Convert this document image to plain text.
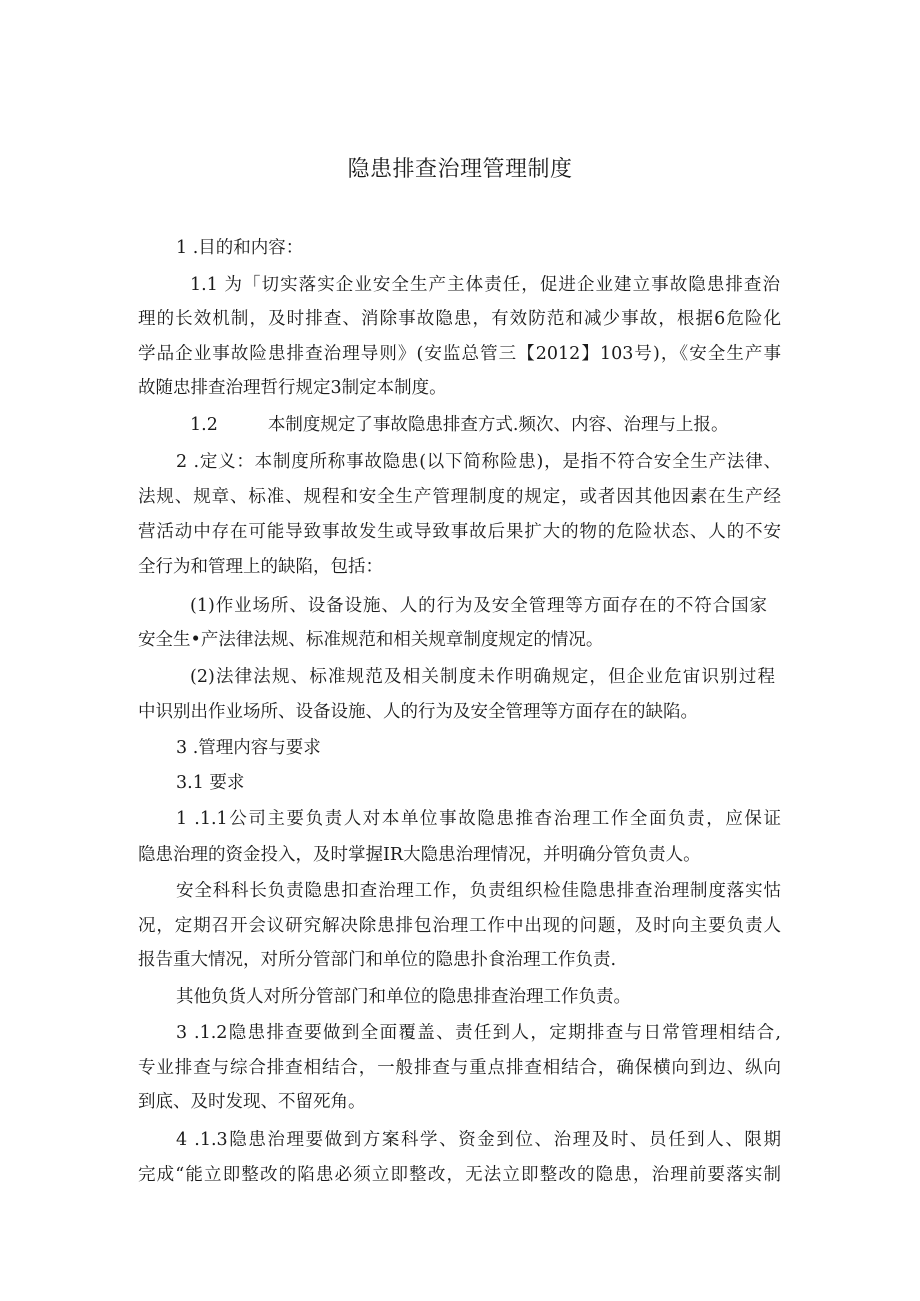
隐患排查治理管理制度
1 .目的和内容：
1.1 为「切实落实企业安全生产主体责任，促进企业建立事故隐患排查治
理的长效机制，及时排查、消除事故隐患，有效防范和减少事故，根据6危险化
学品企业事故险患排查治理导则》(安监总管三【2012】103号)，《安全生产事
故随忠排查治理哲行规定3制定本制度。
1.2         本制度规定了事故隐患排查方式.频次、内容、治理与上报。
2 .定义：本制度所称事故隐患(以下简称险患)，是指不符合安全生产法律、
法规、规章、标准、规程和安全生产管理制度的规定，或者因其他因素在生产经
营活动中存在可能导致事故发生或导致事故后果扩大的物的危险状态、人的不安
全行为和管理上的缺陷，包括：
(1)作业场所、设备设施、人的行为及安全管理等方面存在的不符合国家
安全生•产法律法规、标准规范和相关规章制度规定的情况。
(2)法律法规、标准规范及相关制度未作明确规定，但企业危宙识别过程
中识别出作业场所、设备设施、人的行为及安全管理等方面存在的缺陷。
3 .管理内容与要求
3.1 要求
1 .1.1公司主要负责人对本单位事故隐患推杳治理工作全面负责，应保证
隐患治理的资金投入，及时掌握IR大隐患治理情况，并明确分管负责人。
安全科科长负责隐患扣查治理工作，负责组织检佳隐患排查治理制度落实怙
况，定期召开会议研究解决除患排包治理工作中出现的问题，及时向主要负责人
报告重大情况，对所分管部门和单位的隐患扑食治理工作负责.
其他负货人对所分管部门和单位的隐患排查治理工作负责。
3 .1.2隐患排查要做到全面覆盖、责任到人，定期排查与日常管理相结合,
专业排查与综合排查相结合，一般排查与重点排查相结合，确保横向到边、纵向
到底、及时发现、不留死角。
4 .1.3隐患治理要做到方案科学、资金到位、治理及时、员任到人、限期
完成“能立即整改的陷患必须立即整改，无法立即整改的隐患，治理前要落实制
